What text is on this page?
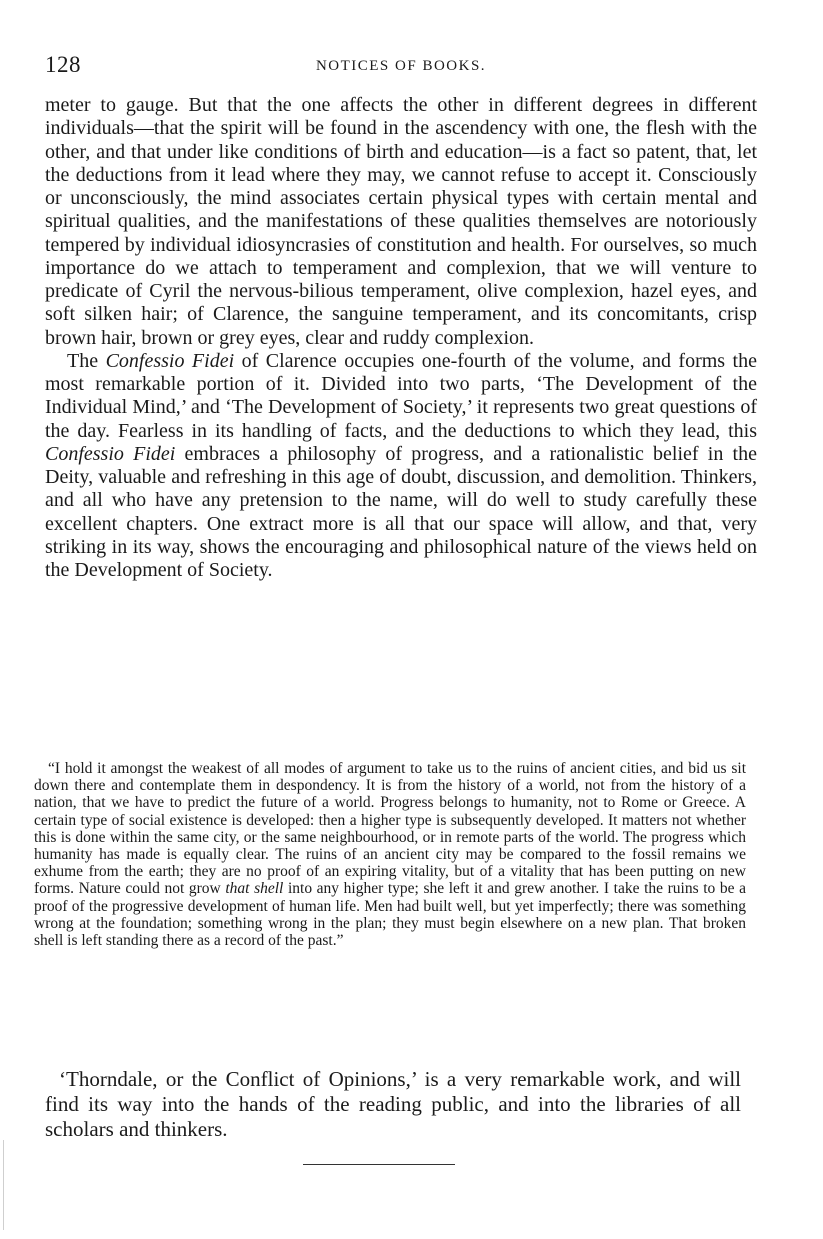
128	NOTICES OF BOOKS.

meter to gauge. But that the one affects the other in different degrees in different individuals—that the spirit will be found in the ascendency with one, the flesh with the other, and that under like conditions of birth and education—is a fact so patent, that, let the deductions from it lead where they may, we cannot refuse to accept it. Consciously or unconsciously, the mind associates certain physical types with certain mental and spiritual qualities, and the manifestations of these qualities themselves are notoriously tempered by individual idiosyncrasies of constitution and health. For ourselves, so much importance do we attach to temperament and complexion, that we will venture to predicate of Cyril the nervous-bilious temperament, olive complexion, hazel eyes, and soft silken hair; of Clarence, the sanguine temperament, and its concomitants, crisp brown hair, brown or grey eyes, clear and ruddy complexion.

The Confessio Fidei of Clarence occupies one-fourth of the volume, and forms the most remarkable portion of it. Divided into two parts, ‘The Development of the Individual Mind,’ and ‘The Development of Society,’ it represents two great questions of the day. Fearless in its handling of facts, and the deductions to which they lead, this Confessio Fidei embraces a philosophy of progress, and a rationalistic belief in the Deity, valuable and refreshing in this age of doubt, discussion, and demolition. Thinkers, and all who have any pretension to the name, will do well to study carefully these excellent chapters. One extract more is all that our space will allow, and that, very striking in its way, shows the encouraging and philosophical nature of the views held on the Development of Society.

“I hold it amongst the weakest of all modes of argument to take us to the ruins of ancient cities, and bid us sit down there and contemplate them in despondency. It is from the history of a world, not from the history of a nation, that we have to predict the future of a world. Progress belongs to humanity, not to Rome or Greece. A certain type of social existence is developed: then a higher type is subsequently developed. It matters not whether this is done within the same city, or the same neighbourhood, or in remote parts of the world. The progress which humanity has made is equally clear. The ruins of an ancient city may be compared to the fossil remains we exhume from the earth; they are no proof of an expiring vitality, but of a vitality that has been putting on new forms. Nature could not grow that shell into any higher type; she left it and grew another. I take the ruins to be a proof of the progressive development of human life. Men had built well, but yet imperfectly; there was something wrong at the foundation; something wrong in the plan; they must begin elsewhere on a new plan. That broken shell is left standing there as a record of the past.”

‘Thorndale, or the Conflict of Opinions,’ is a very remarkable work, and will find its way into the hands of the reading public, and into the libraries of all scholars and thinkers.
